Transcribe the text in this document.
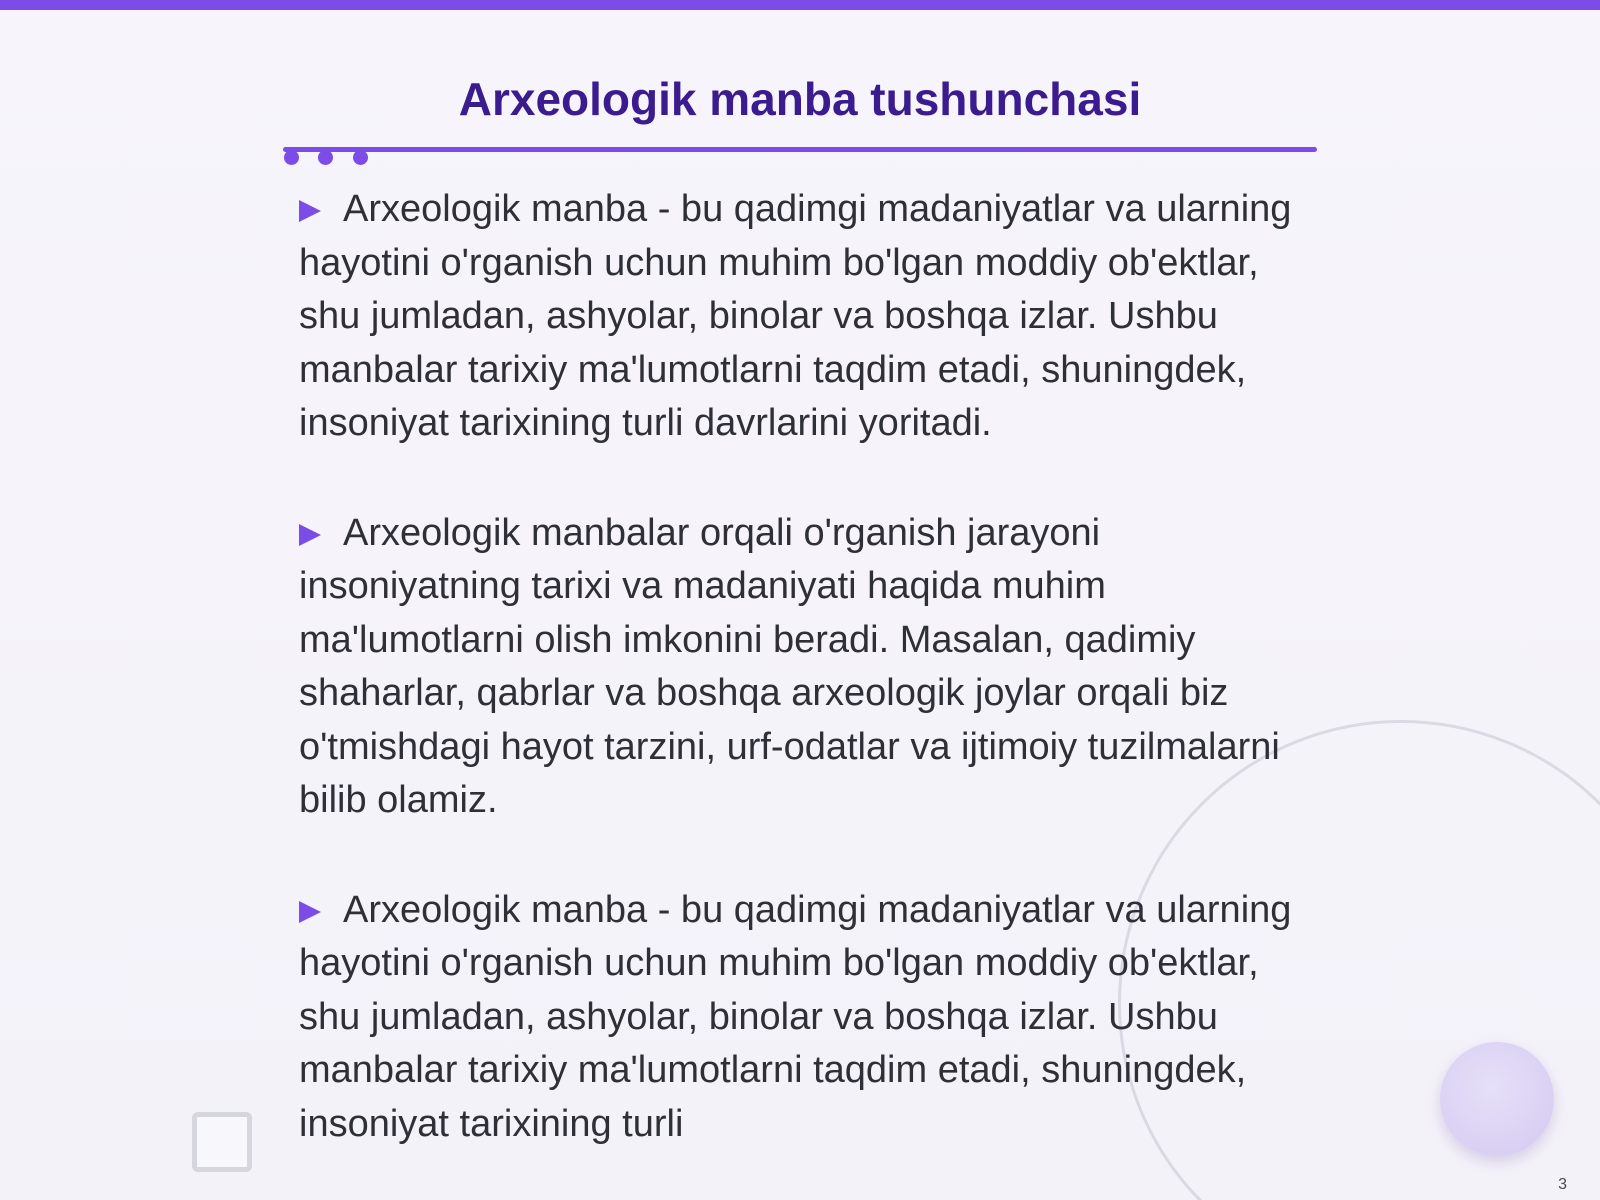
Arxeologik manba tushunchasi

Arxeologik manba - bu qadimgi madaniyatlar va ularning hayotini o'rganish uchun muhim bo'lgan moddiy ob'ektlar, shu jumladan, ashyolar, binolar va boshqa izlar. Ushbu manbalar tarixiy ma'lumotlarni taqdim etadi, shuningdek, insoniyat tarixining turli davrlarini yoritadi.

Arxeologik manbalar orqali o'rganish jarayoni insoniyatning tarixi va madaniyati haqida muhim ma'lumotlarni olish imkonini beradi. Masalan, qadimiy shaharlar, qabrlar va boshqa arxeologik joylar orqali biz o'tmishdagi hayot tarzini, urf-odatlar va ijtimoiy tuzilmalarni bilib olamiz.

Arxeologik manba - bu qadimgi madaniyatlar va ularning hayotini o'rganish uchun muhim bo'lgan moddiy ob'ektlar, shu jumladan, ashyolar, binolar va boshqa izlar. Ushbu manbalar tarixiy ma'lumotlarni taqdim etadi, shuningdek, insoniyat tarixining turli

3
